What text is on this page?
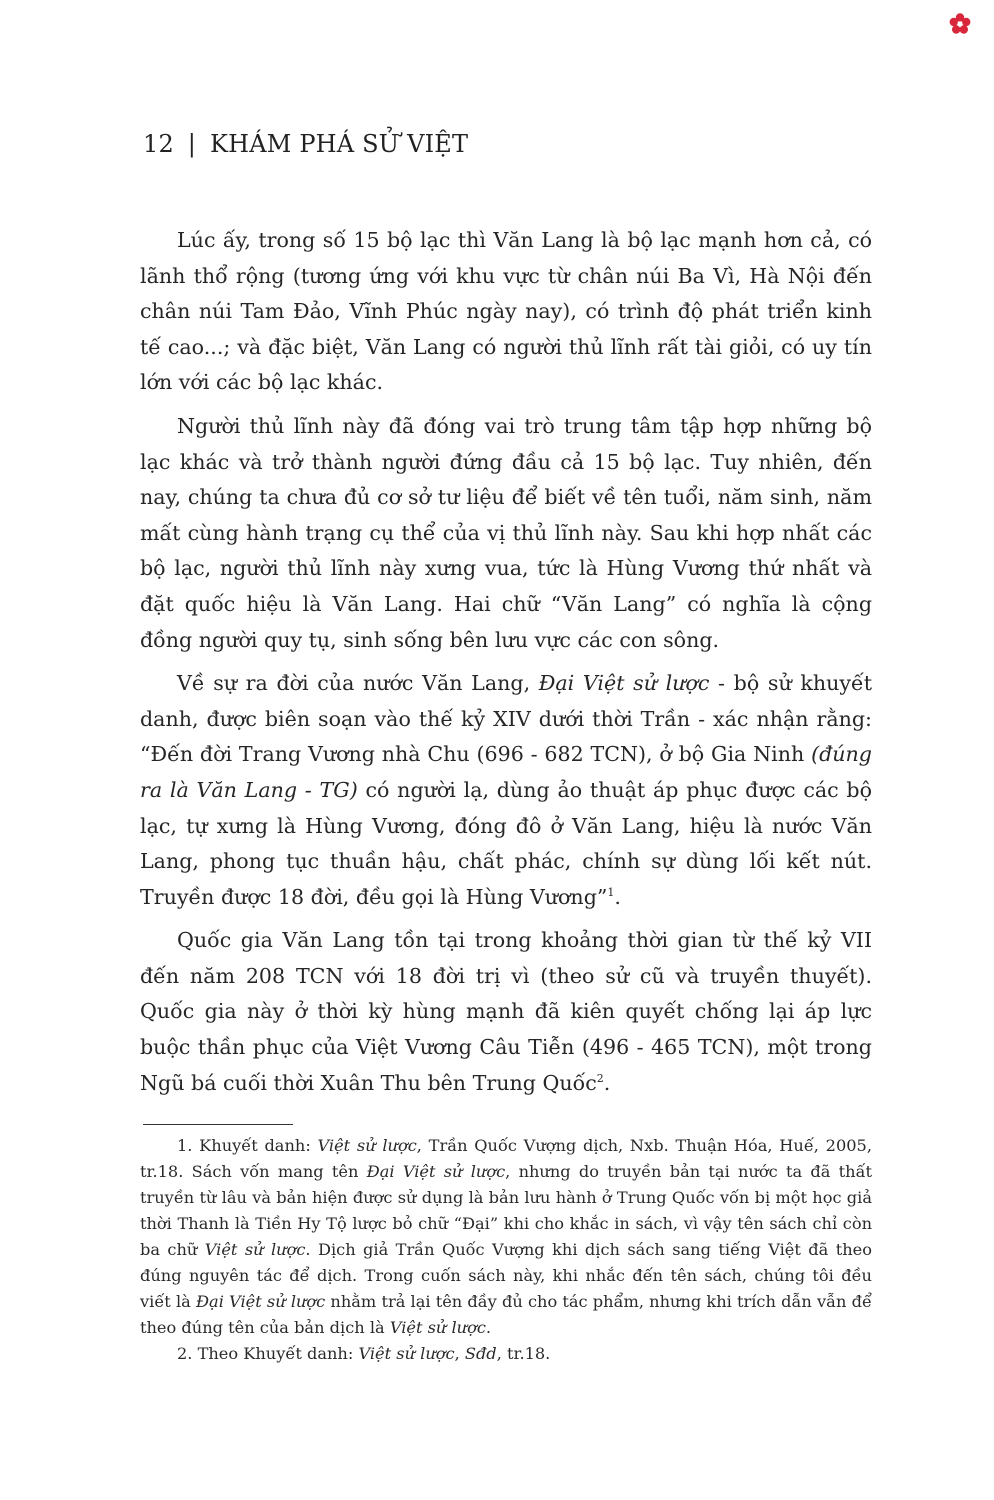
12 | KHÁM PHÁ SỬ VIỆT

Lúc ấy, trong số 15 bộ lạc thì Văn Lang là bộ lạc mạnh hơn cả, có lãnh thổ rộng (tương ứng với khu vực từ chân núi Ba Vì, Hà Nội đến chân núi Tam Đảo, Vĩnh Phúc ngày nay), có trình độ phát triển kinh tế cao...; và đặc biệt, Văn Lang có người thủ lĩnh rất tài giỏi, có uy tín lớn với các bộ lạc khác.

Người thủ lĩnh này đã đóng vai trò trung tâm tập hợp những bộ lạc khác và trở thành người đứng đầu cả 15 bộ lạc. Tuy nhiên, đến nay, chúng ta chưa đủ cơ sở tư liệu để biết về tên tuổi, năm sinh, năm mất cùng hành trạng cụ thể của vị thủ lĩnh này. Sau khi hợp nhất các bộ lạc, người thủ lĩnh này xưng vua, tức là Hùng Vương thứ nhất và đặt quốc hiệu là Văn Lang. Hai chữ “Văn Lang” có nghĩa là cộng đồng người quy tụ, sinh sống bên lưu vực các con sông.

Về sự ra đời của nước Văn Lang, Đại Việt sử lược - bộ sử khuyết danh, được biên soạn vào thế kỷ XIV dưới thời Trần - xác nhận rằng: “Đến đời Trang Vương nhà Chu (696 - 682 TCN), ở bộ Gia Ninh (đúng ra là Văn Lang - TG) có người lạ, dùng ảo thuật áp phục được các bộ lạc, tự xưng là Hùng Vương, đóng đô ở Văn Lang, hiệu là nước Văn Lang, phong tục thuần hậu, chất phác, chính sự dùng lối kết nút. Truyền được 18 đời, đều gọi là Hùng Vương”$^1$.

Quốc gia Văn Lang tồn tại trong khoảng thời gian từ thế kỷ VII đến năm 208 TCN với 18 đời trị vì (theo sử cũ và truyền thuyết). Quốc gia này ở thời kỳ hùng mạnh đã kiên quyết chống lại áp lực buộc thần phục của Việt Vương Câu Tiễn (496 - 465 TCN), một trong Ngũ bá cuối thời Xuân Thu bên Trung Quốc$^2$.

1. Khuyết danh: Việt sử lược, Trần Quốc Vượng dịch, Nxb. Thuận Hóa, Huế, 2005, tr.18. Sách vốn mang tên Đại Việt sử lược, nhưng do truyền bản tại nước ta đã thất truyền từ lâu và bản hiện được sử dụng là bản lưu hành ở Trung Quốc vốn bị một học giả thời Thanh là Tiền Hy Tộ lược bỏ chữ “Đại” khi cho khắc in sách, vì vậy tên sách chỉ còn ba chữ Việt sử lược. Dịch giả Trần Quốc Vượng khi dịch sách sang tiếng Việt đã theo đúng nguyên tác để dịch. Trong cuốn sách này, khi nhắc đến tên sách, chúng tôi đều viết là Đại Việt sử lược nhằm trả lại tên đầy đủ cho tác phẩm, nhưng khi trích dẫn vẫn để theo đúng tên của bản dịch là Việt sử lược.

2. Theo Khuyết danh: Việt sử lược, Sđd, tr.18.
